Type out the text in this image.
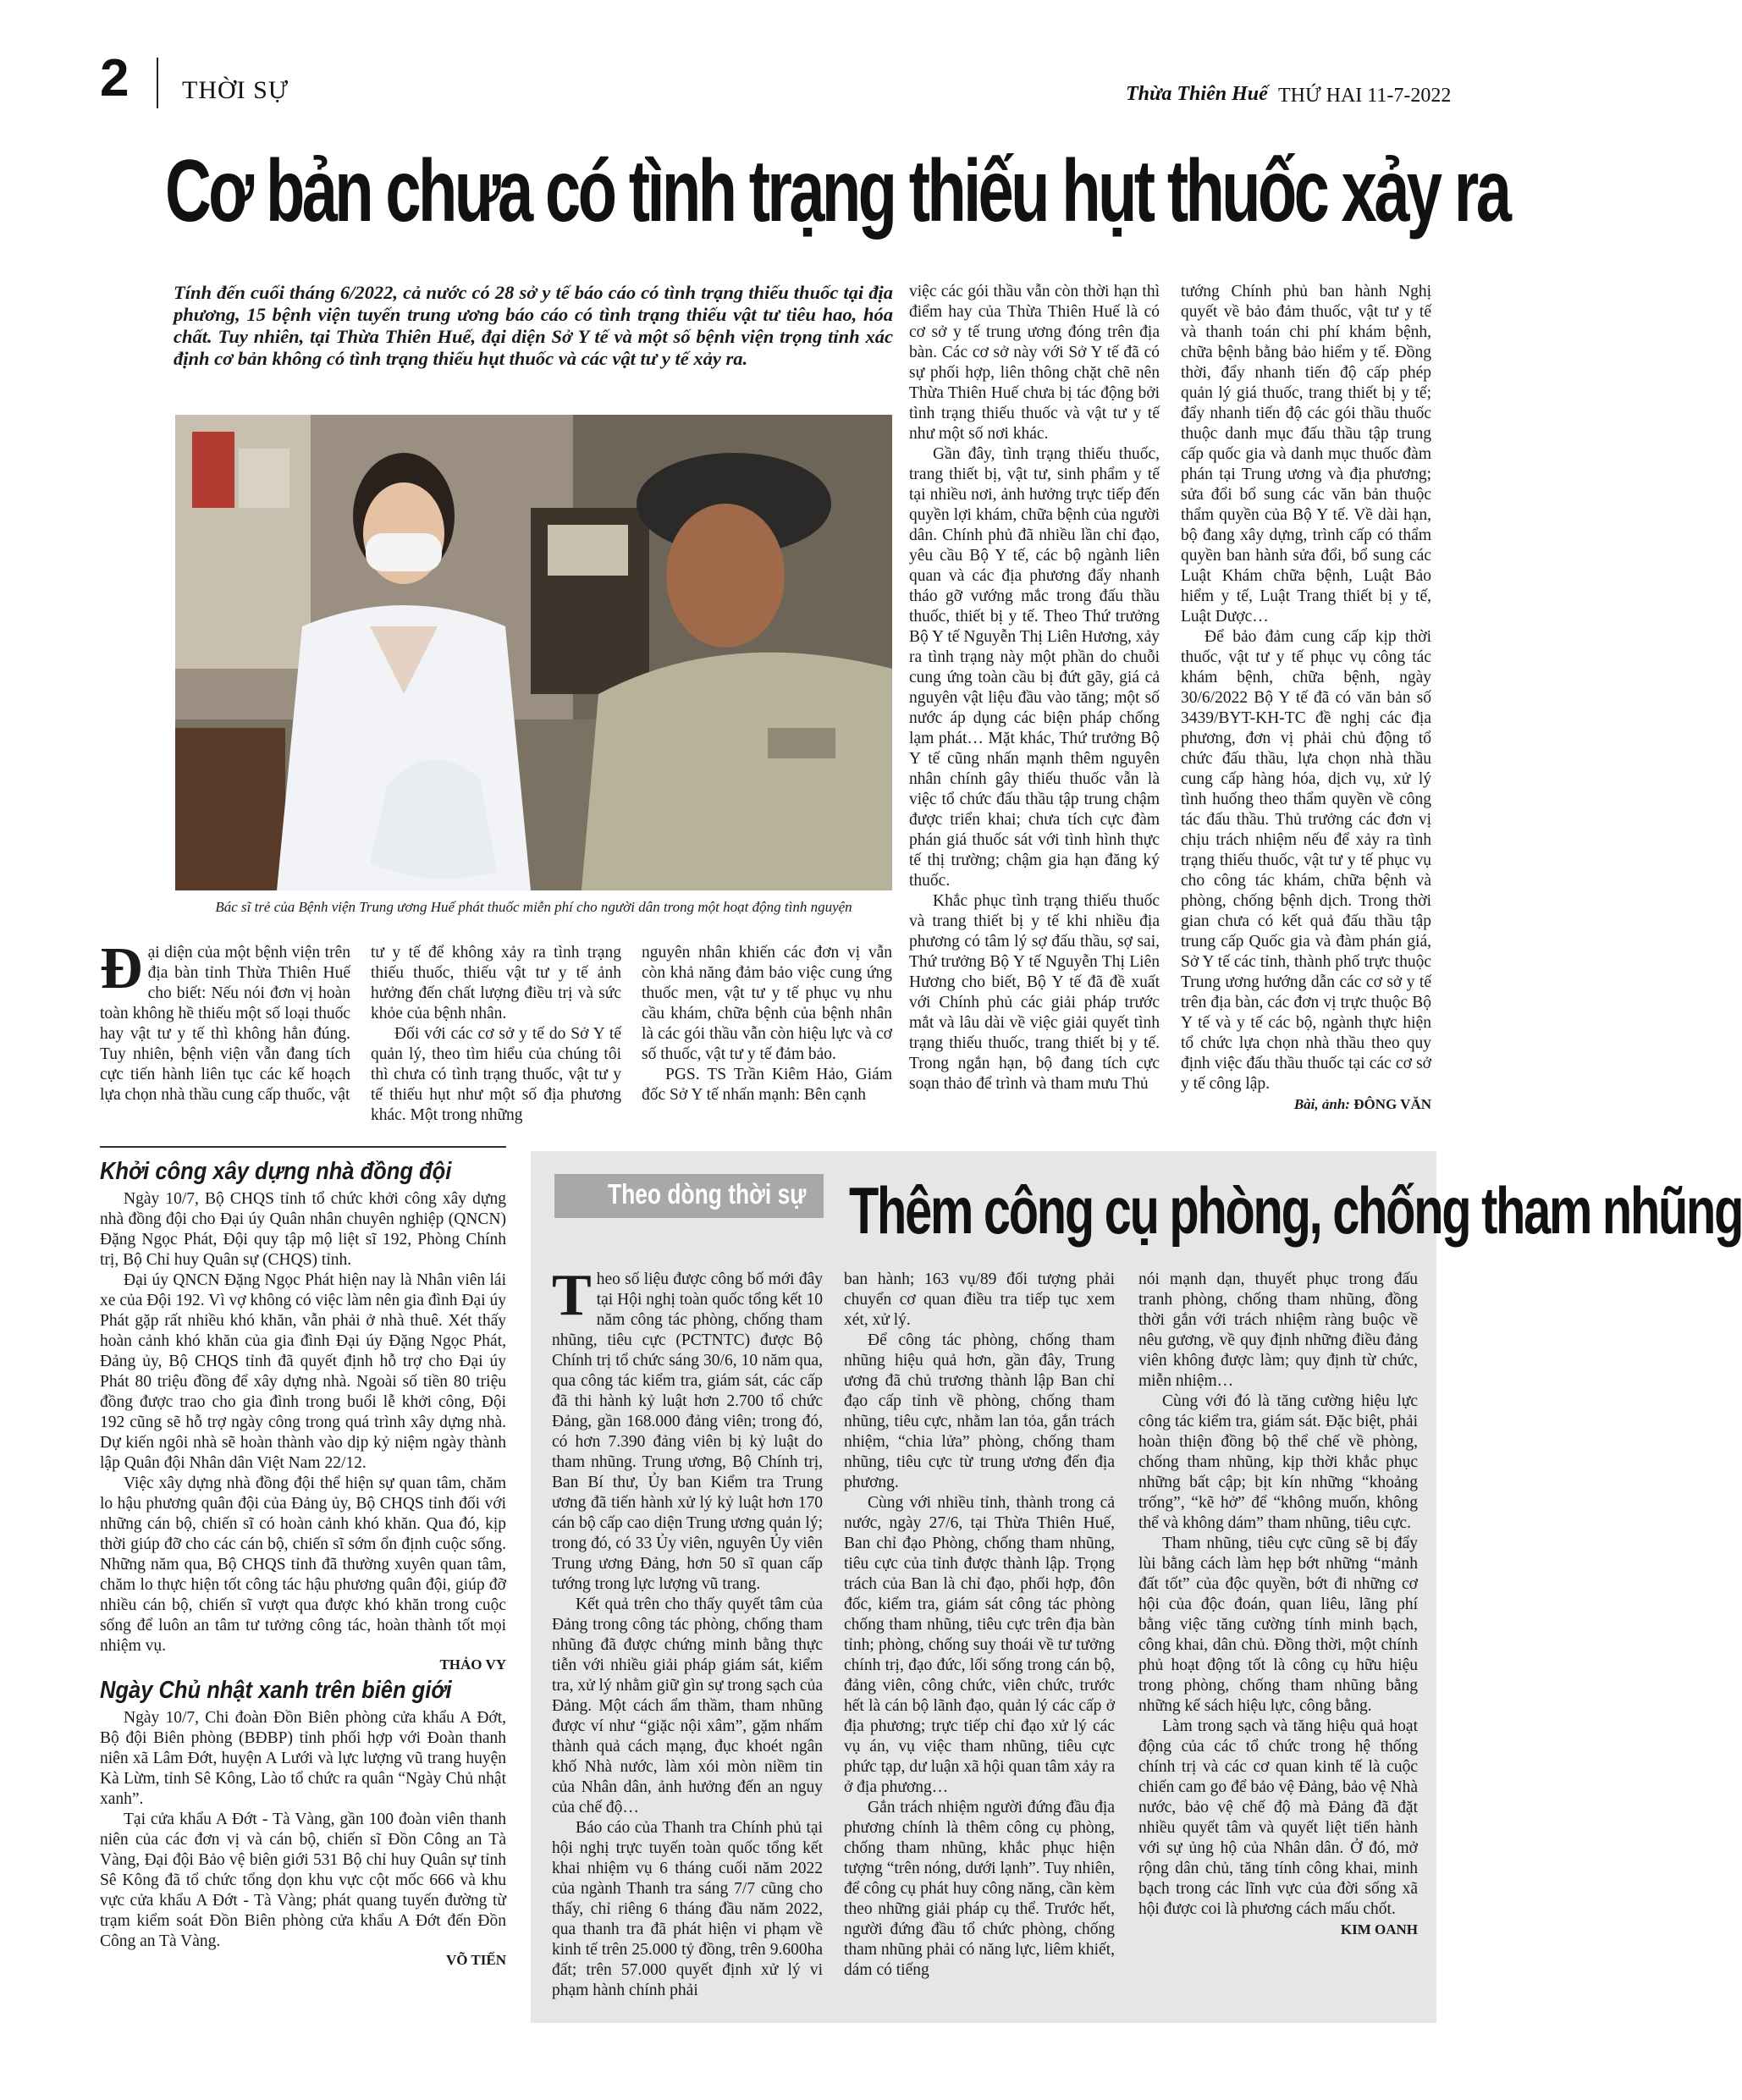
2 THỜI SỰ	Thừa Thiên Huế THỨ HAI 11-7-2022
Cơ bản chưa có tình trạng thiếu hụt thuốc xảy ra
Tính đến cuối tháng 6/2022, cả nước có 28 sở y tế báo cáo có tình trạng thiếu thuốc tại địa phương, 15 bệnh viện tuyến trung ương báo cáo có tình trạng thiếu vật tư tiêu hao, hóa chất. Tuy nhiên, tại Thừa Thiên Huế, đại diện Sở Y tế và một số bệnh viện trọng tỉnh xác định cơ bản không có tình trạng thiếu hụt thuốc và các vật tư y tế xảy ra.
Bác sĩ trẻ của Bệnh viện Trung ương Huế phát thuốc miễn phí cho người dân trong một hoạt động tình nguyện

Đại diện của một bệnh viện trên địa bàn tỉnh Thừa Thiên Huế cho biết: Nếu nói đơn vị hoàn toàn không hề thiếu một số loại thuốc hay vật tư y tế thì không hẳn đúng. Tuy nhiên, bệnh viện vẫn đang tích cực tiến hành liên tục các kế hoạch lựa chọn nhà thầu cung cấp thuốc, vật

tư y tế để không xảy ra tình trạng thiếu thuốc, thiếu vật tư y tế ảnh hưởng đến chất lượng điều trị và sức khỏe của bệnh nhân.

Đối với các cơ sở y tế do Sở Y tế quản lý, theo tìm hiểu của chúng tôi thì chưa có tình trạng thuốc, vật tư y tế thiếu hụt như một số địa phương khác. Một trong những

nguyên nhân khiến các đơn vị vẫn còn khả năng đảm bảo việc cung ứng thuốc men, vật tư y tế phục vụ nhu cầu khám, chữa bệnh của bệnh nhân là các gói thầu vẫn còn hiệu lực và cơ số thuốc, vật tư y tế đảm bảo.

PGS. TS Trần Kiêm Hảo, Giám đốc Sở Y tế nhấn mạnh: Bên cạnh

việc các gói thầu vẫn còn thời hạn thì điểm hay của Thừa Thiên Huế là có cơ sở y tế trung ương đóng trên địa bàn. Các cơ sở này với Sở Y tế đã có sự phối hợp, liên thông chặt chẽ nên Thừa Thiên Huế chưa bị tác động bởi tình trạng thiếu thuốc và vật tư y tế như một số nơi khác.

Gần đây, tình trạng thiếu thuốc, trang thiết bị, vật tư, sinh phẩm y tế tại nhiều nơi, ảnh hưởng trực tiếp đến quyền lợi khám, chữa bệnh của người dân. Chính phủ đã nhiều lần chỉ đạo, yêu cầu Bộ Y tế, các bộ ngành liên quan và các địa phương đẩy nhanh tháo gỡ vướng mắc trong đấu thầu thuốc, thiết bị y tế. Theo Thứ trưởng Bộ Y tế Nguyễn Thị Liên Hương, xảy ra tình trạng này một phần do chuỗi cung ứng toàn cầu bị đứt gãy, giá cả nguyên vật liệu đầu vào tăng; một số nước áp dụng các biện pháp chống lạm phát… Mặt khác, Thứ trưởng Bộ Y tế cũng nhấn mạnh thêm nguyên nhân chính gây thiếu thuốc vẫn là việc tổ chức đấu thầu tập trung chậm được triển khai; chưa tích cực đàm phán giá thuốc sát với tình hình thực tế thị trường; chậm gia hạn đăng ký thuốc.

Khắc phục tình trạng thiếu thuốc và trang thiết bị y tế khi nhiều địa phương có tâm lý sợ đấu thầu, sợ sai, Thứ trưởng Bộ Y tế Nguyễn Thị Liên Hương cho biết, Bộ Y tế đã đề xuất với Chính phủ các giải pháp trước mắt và lâu dài về việc giải quyết tình trạng thiếu thuốc, trang thiết bị y tế. Trong ngắn hạn, bộ đang tích cực soạn thảo để trình và tham mưu Thủ

tướng Chính phủ ban hành Nghị quyết về bảo đảm thuốc, vật tư y tế và thanh toán chi phí khám bệnh, chữa bệnh bằng bảo hiểm y tế. Đồng thời, đẩy nhanh tiến độ cấp phép quản lý giá thuốc, trang thiết bị y tế; đẩy nhanh tiến độ các gói thầu thuốc thuộc danh mục đấu thầu tập trung cấp quốc gia và danh mục thuốc đàm phán tại Trung ương và địa phương; sửa đổi bổ sung các văn bản thuộc thẩm quyền của Bộ Y tế. Về dài hạn, bộ đang xây dựng, trình cấp có thẩm quyền ban hành sửa đổi, bổ sung các Luật Khám chữa bệnh, Luật Bảo hiểm y tế, Luật Trang thiết bị y tế, Luật Dược…

Để bảo đảm cung cấp kịp thời thuốc, vật tư y tế phục vụ công tác khám bệnh, chữa bệnh, ngày 30/6/2022 Bộ Y tế đã có văn bản số 3439/BYT-KH-TC đề nghị các địa phương, đơn vị phải chủ động tổ chức đấu thầu, lựa chọn nhà thầu cung cấp hàng hóa, dịch vụ, xử lý tình huống theo thẩm quyền về công tác đấu thầu. Thủ trưởng các đơn vị chịu trách nhiệm nếu để xảy ra tình trạng thiếu thuốc, vật tư y tế phục vụ cho công tác khám, chữa bệnh và phòng, chống bệnh dịch. Trong thời gian chưa có kết quả đấu thầu tập trung cấp Quốc gia và đàm phán giá, Sở Y tế các tỉnh, thành phố trực thuộc Trung ương hướng dẫn các cơ sở y tế trên địa bàn, các đơn vị trực thuộc Bộ Y tế và y tế các bộ, ngành thực hiện tổ chức lựa chọn nhà thầu theo quy định việc đấu thầu thuốc tại các cơ sở y tế công lập.

Bài, ảnh: ĐÔNG VĂN
Khởi công xây dựng nhà đồng đội

Ngày 10/7, Bộ CHQS tỉnh tổ chức khởi công xây dựng nhà đồng đội cho Đại úy Quân nhân chuyên nghiệp (QNCN) Đặng Ngọc Phát, Đội quy tập mộ liệt sĩ 192, Phòng Chính trị, Bộ Chỉ huy Quân sự (CHQS) tỉnh.

Đại úy QNCN Đặng Ngọc Phát hiện nay là Nhân viên lái xe của Đội 192. Vì vợ không có việc làm nên gia đình Đại úy Phát gặp rất nhiều khó khăn, vẫn phải ở nhà thuê. Xét thấy hoàn cảnh khó khăn của gia đình Đại úy Đặng Ngọc Phát, Đảng ủy, Bộ CHQS tỉnh đã quyết định hỗ trợ cho Đại úy Phát 80 triệu đồng để xây dựng nhà. Ngoài số tiền 80 triệu đồng được trao cho gia đình trong buổi lễ khởi công, Đội 192 cũng sẽ hỗ trợ ngày công trong quá trình xây dựng nhà. Dự kiến ngôi nhà sẽ hoàn thành vào dịp kỷ niệm ngày thành lập Quân đội Nhân dân Việt Nam 22/12.

Việc xây dựng nhà đồng đội thể hiện sự quan tâm, chăm lo hậu phương quân đội của Đảng ủy, Bộ CHQS tỉnh đối với những cán bộ, chiến sĩ có hoàn cảnh khó khăn. Qua đó, kịp thời giúp đỡ cho các cán bộ, chiến sĩ sớm ổn định cuộc sống. Những năm qua, Bộ CHQS tỉnh đã thường xuyên quan tâm, chăm lo thực hiện tốt công tác hậu phương quân đội, giúp đỡ nhiều cán bộ, chiến sĩ vượt qua được khó khăn trong cuộc sống để luôn an tâm tư tưởng công tác, hoàn thành tốt mọi nhiệm vụ.

THẢO VY
Ngày Chủ nhật xanh trên biên giới

Ngày 10/7, Chi đoàn Đồn Biên phòng cửa khẩu A Đớt, Bộ đội Biên phòng (BĐBP) tỉnh phối hợp với Đoàn thanh niên xã Lâm Đớt, huyện A Lưới và lực lượng vũ trang huyện Kà Lừm, tỉnh Sê Kông, Lào tổ chức ra quân “Ngày Chủ nhật xanh”.

Tại cửa khẩu A Đớt - Tà Vàng, gần 100 đoàn viên thanh niên của các đơn vị và cán bộ, chiến sĩ Đồn Công an Tà Vàng, Đại đội Bảo vệ biên giới 531 Bộ chỉ huy Quân sự tỉnh Sê Kông đã tổ chức tổng dọn khu vực cột mốc 666 và khu vực cửa khẩu A Đớt - Tà Vàng; phát quang tuyến đường từ trạm kiểm soát Đồn Biên phòng cửa khẩu A Đớt đến Đồn Công an Tà Vàng.

VÕ TIẾN
Theo dòng thời sự Thêm công cụ phòng, chống tham nhũng

Theo số liệu được công bố mới đây tại Hội nghị toàn quốc tổng kết 10 năm công tác phòng, chống tham nhũng, tiêu cực (PCTNTC) được Bộ Chính trị tổ chức sáng 30/6, 10 năm qua, qua công tác kiểm tra, giám sát, các cấp đã thi hành kỷ luật hơn 2.700 tổ chức Đảng, gần 168.000 đảng viên; trong đó, có hơn 7.390 đảng viên bị kỷ luật do tham nhũng. Trung ương, Bộ Chính trị, Ban Bí thư, Ủy ban Kiểm tra Trung ương đã tiến hành xử lý kỷ luật hơn 170 cán bộ cấp cao diện Trung ương quản lý; trong đó, có 33 Ủy viên, nguyên Ủy viên Trung ương Đảng, hơn 50 sĩ quan cấp tướng trong lực lượng vũ trang.

Kết quả trên cho thấy quyết tâm của Đảng trong công tác phòng, chống tham nhũng đã được chứng minh bằng thực tiễn với nhiều giải pháp giám sát, kiểm tra, xử lý nhằm giữ gìn sự trong sạch của Đảng. Một cách ẩm thầm, tham nhũng được ví như “giặc nội xâm”, gặm nhấm thành quả cách mạng, đục khoét ngân khố Nhà nước, làm xói mòn niềm tin của Nhân dân, ảnh hưởng đến an nguy của chế độ…

Báo cáo của Thanh tra Chính phủ tại hội nghị trực tuyến toàn quốc tổng kết khai nhiệm vụ 6 tháng cuối năm 2022 của ngành Thanh tra sáng 7/7 cũng cho thấy, chỉ riêng 6 tháng đầu năm 2022, qua thanh tra đã phát hiện vi phạm về kinh tế trên 25.000 tỷ đồng, trên 9.600ha đất; trên 57.000 quyết định xử lý vi phạm hành chính phải

ban hành; 163 vụ/89 đối tượng phải chuyển cơ quan điều tra tiếp tục xem xét, xử lý.

Để công tác phòng, chống tham nhũng hiệu quả hơn, gần đây, Trung ương đã chủ trương thành lập Ban chỉ đạo cấp tỉnh về phòng, chống tham nhũng, tiêu cực, nhằm lan tỏa, gắn trách nhiệm, “chia lửa” phòng, chống tham nhũng, tiêu cực từ trung ương đến địa phương.

Cùng với nhiều tỉnh, thành trong cả nước, ngày 27/6, tại Thừa Thiên Huế, Ban chỉ đạo Phòng, chống tham nhũng, tiêu cực của tỉnh được thành lập. Trọng trách của Ban là chỉ đạo, phối hợp, đôn đốc, kiểm tra, giám sát công tác phòng chống tham nhũng, tiêu cực trên địa bàn tỉnh; phòng, chống suy thoái về tư tưởng chính trị, đạo đức, lối sống trong cán bộ, đảng viên, công chức, viên chức, trước hết là cán bộ lãnh đạo, quản lý các cấp ở địa phương; trực tiếp chỉ đạo xử lý các vụ án, vụ việc tham nhũng, tiêu cực phức tạp, dư luận xã hội quan tâm xảy ra ở địa phương…

Gắn trách nhiệm người đứng đầu địa phương chính là thêm công cụ phòng, chống tham nhũng, khắc phục hiện tượng “trên nóng, dưới lạnh”. Tuy nhiên, để công cụ phát huy công năng, cần kèm theo những giải pháp cụ thể. Trước hết, người đứng đầu tổ chức phòng, chống tham nhũng phải có năng lực, liêm khiết, dám có tiếng

nói mạnh dạn, thuyết phục trong đấu tranh phòng, chống tham nhũng, đồng thời gắn với trách nhiệm ràng buộc về nêu gương, về quy định những điều đảng viên không được làm; quy định từ chức, miễn nhiệm…

Cùng với đó là tăng cường hiệu lực công tác kiểm tra, giám sát. Đặc biệt, phải hoàn thiện đồng bộ thể chế về phòng, chống tham nhũng, kịp thời khắc phục những bất cập; bịt kín những “khoảng trống”, “kẽ hở” để “không muốn, không thể và không dám” tham nhũng, tiêu cực.

Tham nhũng, tiêu cực cũng sẽ bị đẩy lùi bằng cách làm hẹp bớt những “mảnh đất tốt” của độc quyền, bớt đi những cơ hội của độc đoán, quan liêu, lãng phí bằng việc tăng cường tính minh bạch, công khai, dân chủ. Đồng thời, một chính phủ hoạt động tốt là công cụ hữu hiệu trong phòng, chống tham nhũng bằng những kế sách hiệu lực, công bằng.

Làm trong sạch và tăng hiệu quả hoạt động của các tổ chức trong hệ thống chính trị và các cơ quan kinh tế là cuộc chiến cam go để bảo vệ Đảng, bảo vệ Nhà nước, bảo vệ chế độ mà Đảng đã đặt nhiều quyết tâm và quyết liệt tiến hành với sự ủng hộ của Nhân dân. Ở đó, mở rộng dân chủ, tăng tính công khai, minh bạch trong các lĩnh vực của đời sống xã hội được coi là phương cách mấu chốt.

KIM OANH
